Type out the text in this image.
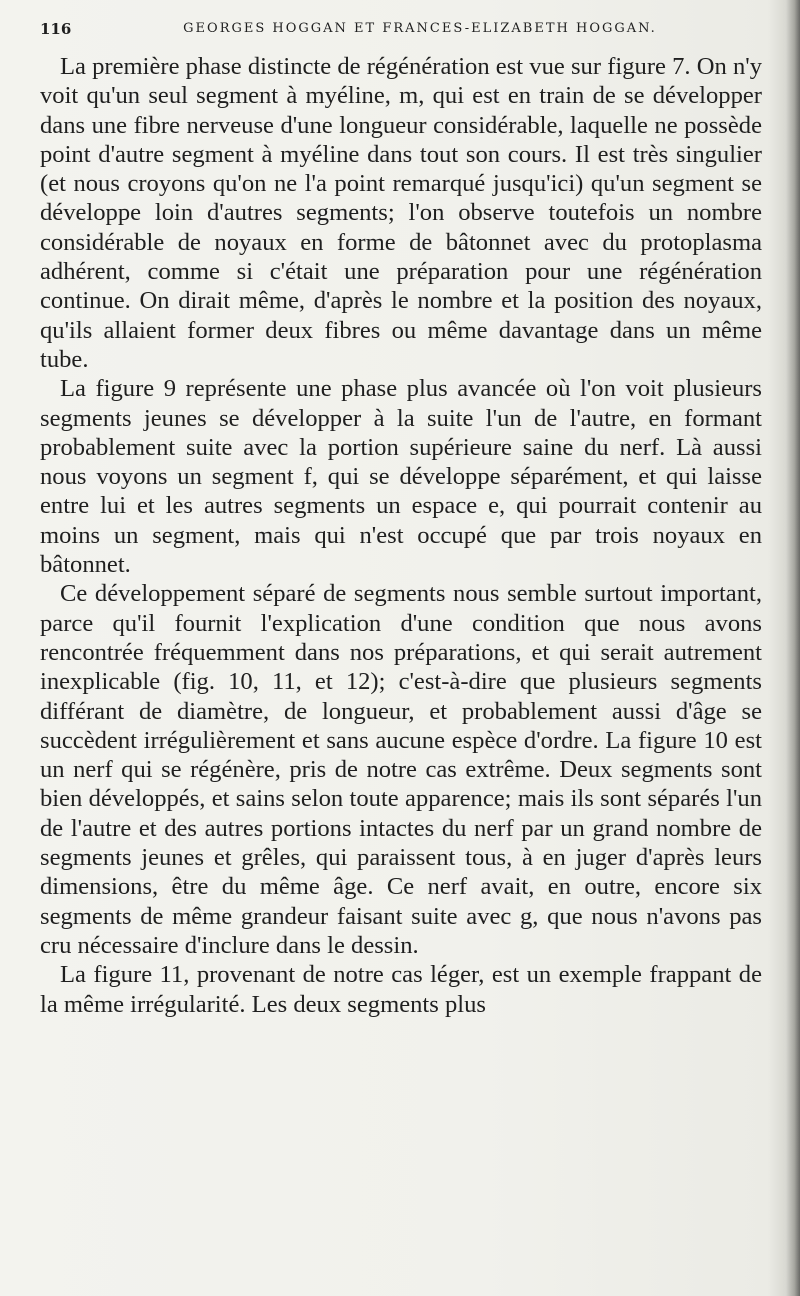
116	GEORGES HOGGAN ET FRANCES-ELIZABETH HOGGAN.

La première phase distincte de régénération est vue sur figure 7. On n'y voit qu'un seul segment à myéline, m, qui est en train de se développer dans une fibre nerveuse d'une longueur considérable, laquelle ne possède point d'autre segment à myéline dans tout son cours. Il est très singulier (et nous croyons qu'on ne l'a point remarqué jusqu'ici) qu'un segment se développe loin d'autres segments; l'on observe toutefois un nombre considérable de noyaux en forme de bâtonnet avec du protoplasma adhérent, comme si c'était une préparation pour une régénération continue. On dirait même, d'après le nombre et la position des noyaux, qu'ils allaient former deux fibres ou même davantage dans un même tube.

La figure 9 représente une phase plus avancée où l'on voit plusieurs segments jeunes se développer à la suite l'un de l'autre, en formant probablement suite avec la portion supérieure saine du nerf. Là aussi nous voyons un segment f, qui se développe séparément, et qui laisse entre lui et les autres segments un espace e, qui pourrait contenir au moins un segment, mais qui n'est occupé que par trois noyaux en bâtonnet.

Ce développement séparé de segments nous semble surtout important, parce qu'il fournit l'explication d'une condition que nous avons rencontrée fréquemment dans nos préparations, et qui serait autrement inexplicable (fig. 10, 11, et 12); c'est-à-dire que plusieurs segments différant de diamètre, de longueur, et probablement aussi d'âge se succèdent irrégulièrement et sans aucune espèce d'ordre. La figure 10 est un nerf qui se régénère, pris de notre cas extrême. Deux segments sont bien développés, et sains selon toute apparence; mais ils sont séparés l'un de l'autre et des autres portions intactes du nerf par un grand nombre de segments jeunes et grêles, qui paraissent tous, à en juger d'après leurs dimensions, être du même âge. Ce nerf avait, en outre, encore six segments de même grandeur faisant suite avec g, que nous n'avons pas cru nécessaire d'inclure dans le dessin.

La figure 11, provenant de notre cas léger, est un exemple frappant de la même irrégularité. Les deux segments plus
